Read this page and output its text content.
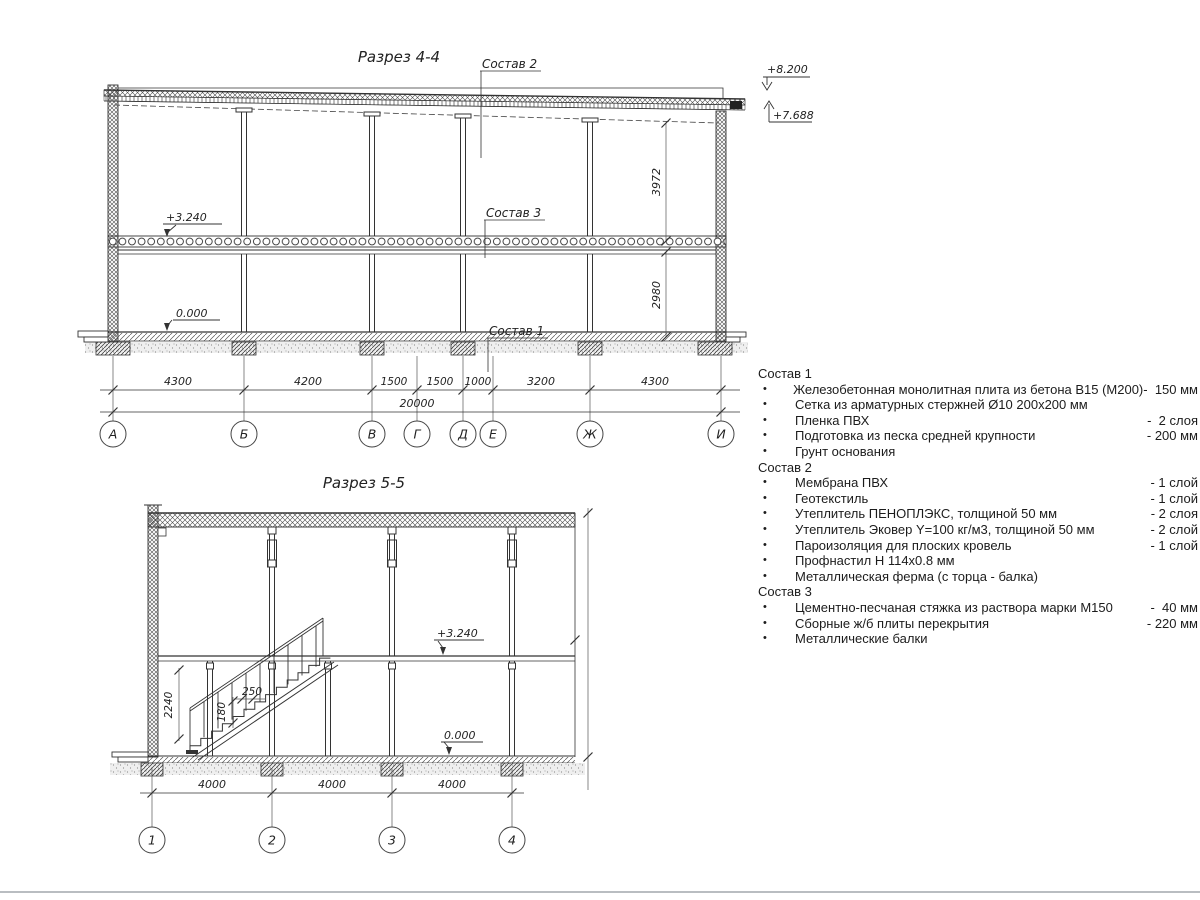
Разрез 4-4	Состав 2
Состав 3
Состав 1
+8.200
+7.688
+3.240
0.000
3972
2980
4300	4200	1500 1500 1000	3200	4300
20000
А	Б	В	Г	Д Е	Ж	И
Разрез 5-5
2240	250
180
+3.240
0.000
4000	4000	4000
1	2	3	4
Состав 1
•	Железобетонная монолитная плита из бетона В15 (М200) -  150 мм
•	Сетка из арматурных стержней Ø10 200x200 мм
•	Пленка ПВХ	-  2 слоя
•	Подготовка из песка средней крупности	- 200 мм
•	Грунт основания
Состав 2
•	Мембрана ПВХ	- 1 слой
•	Геотекстиль	- 1 слой
•	Утеплитель ПЕНОПЛЭКС, толщиной 50 мм	- 2 слоя
•	Утеплитель Эковер Y=100 кг/м3, толщиной 50 мм	- 2 слой
•	Пароизоляция для плоских кровель	- 1 слой
•	Профнастил Н 114x0.8 мм
•	Металлическая ферма (с торца - балка)
Состав 3
•	Цементно-песчаная стяжка из раствора марки М150	-  40 мм
•	Сборные ж/б плиты перекрытия	- 220 мм
•	Металлические балки
